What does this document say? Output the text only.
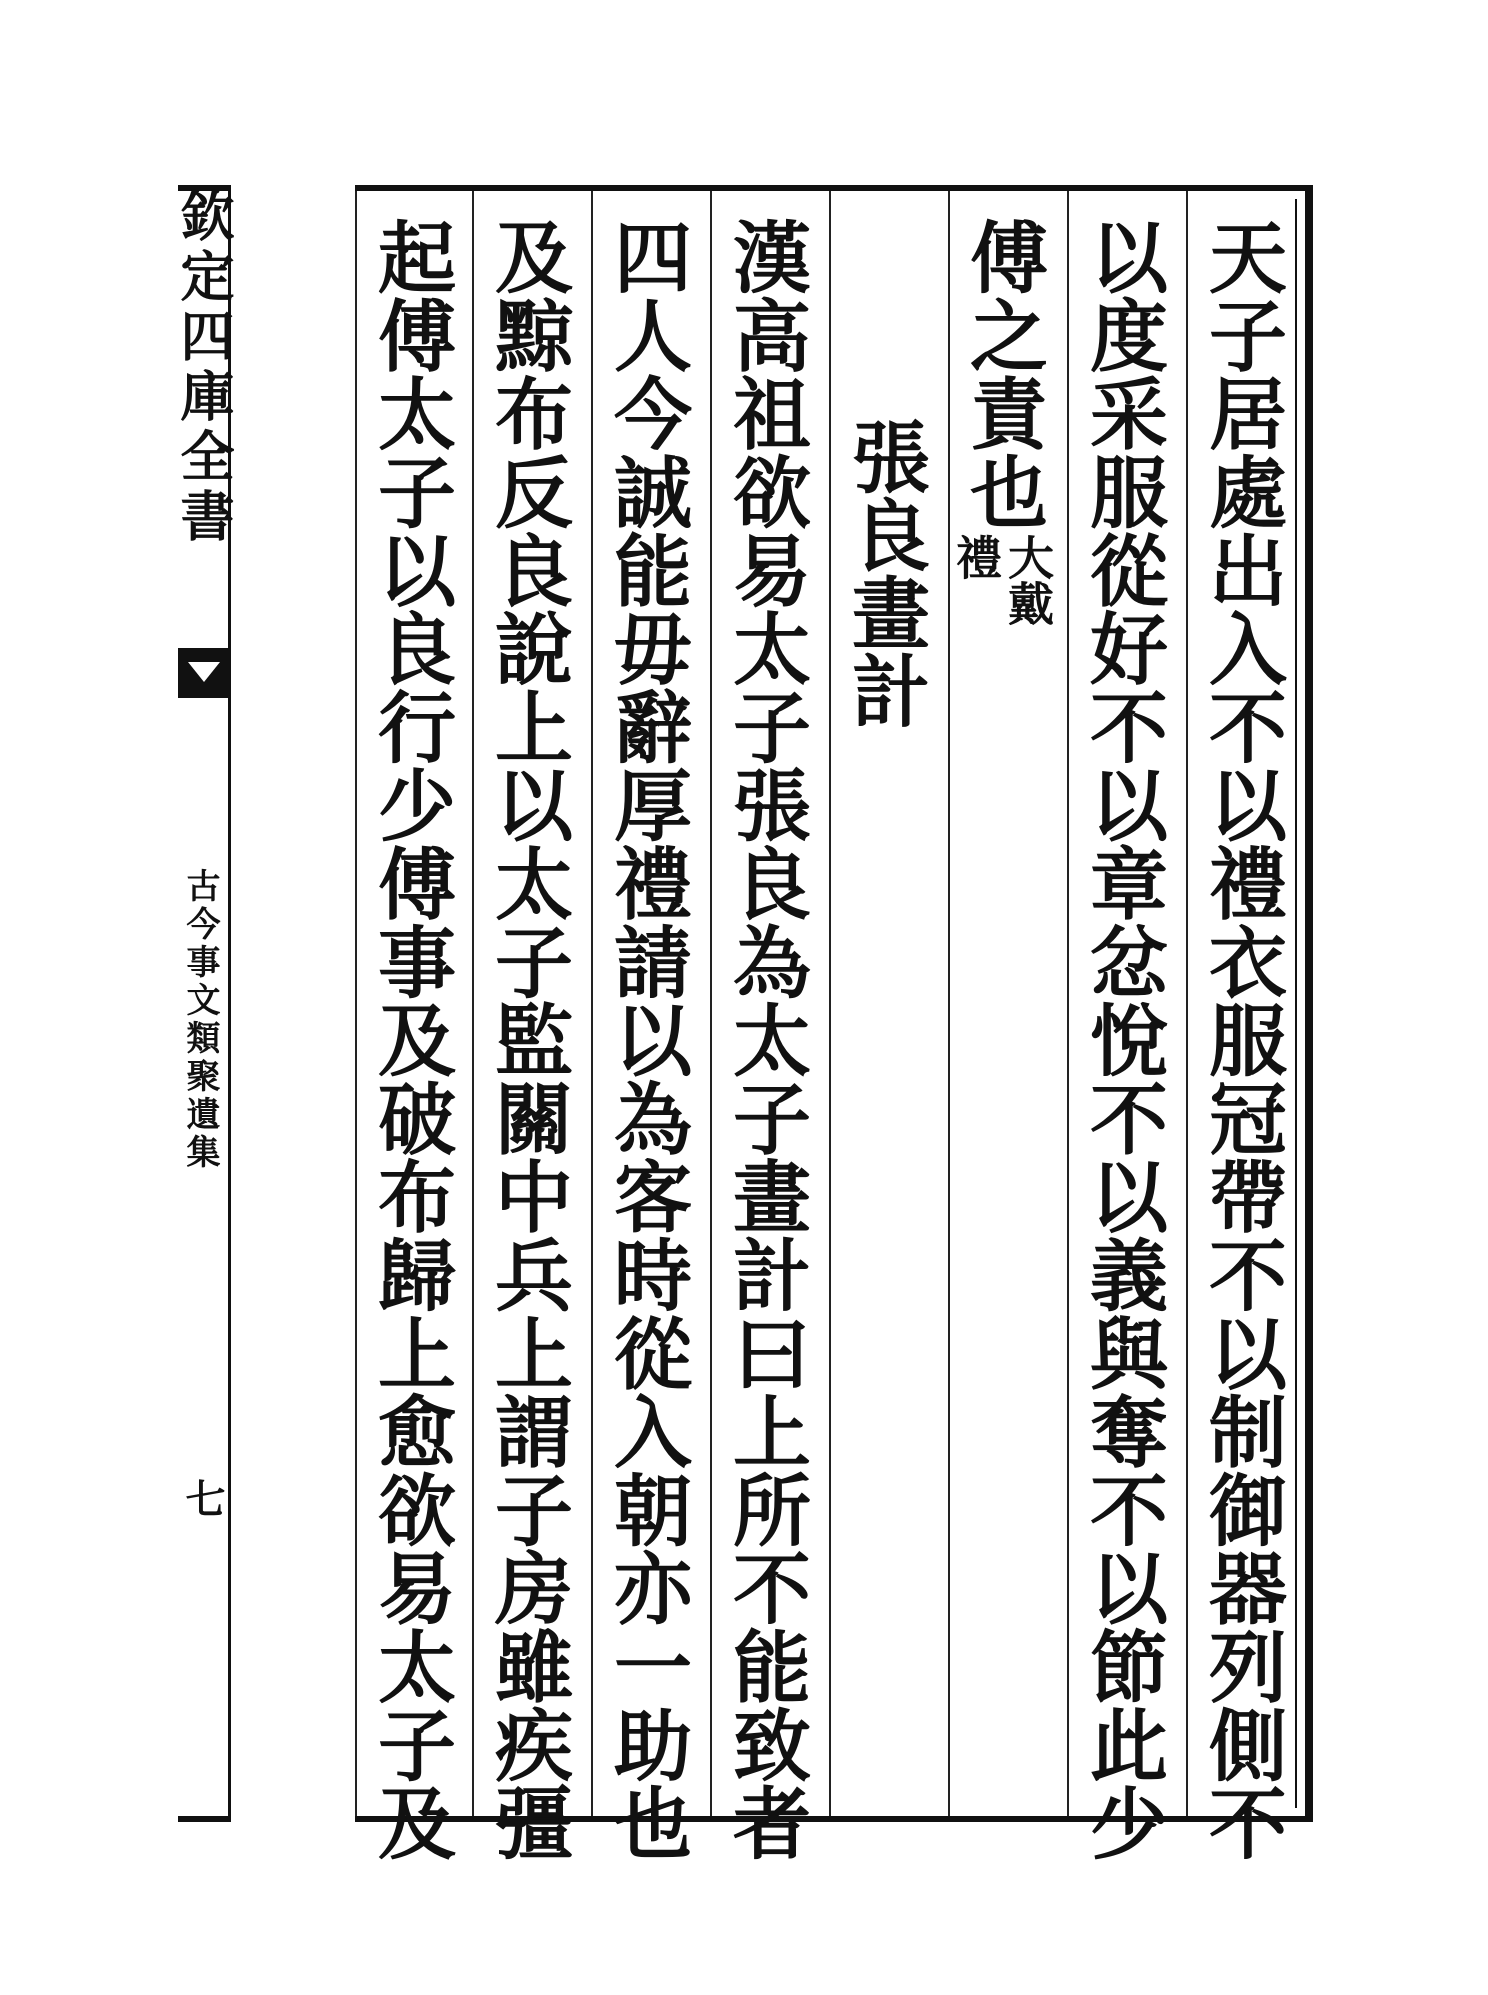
欽定四庫全書
古今事文類聚遺集
七	天子居處出入不以禮衣服冠帶不以制御器列側不
以度采服從好不以章忿悅不以義與奪不以節此少
傅之責也
大戴
禮
張良畫計
漢高祖欲易太子張良為太子畫計曰上所不能致者
四人今誠能毋辭厚禮請以為客時從入朝亦一助也
及黥布反良說上以太子監關中兵上謂子房雖疾彊
起傅太子以良行少傅事及破布歸上愈欲易太子及
